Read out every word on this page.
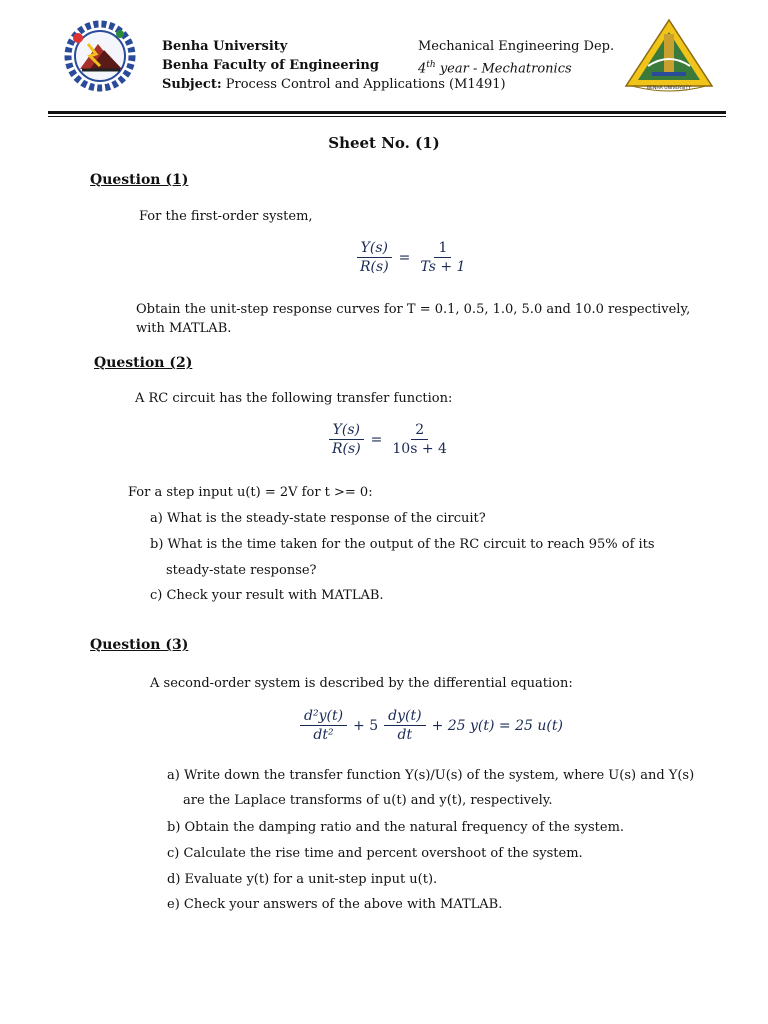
Benha University
Benha Faculty of Engineering
Subject: Process Control and Applications (M1491)
Mechanical Engineering Dep.
4th year - Mechatronics
BENHA UNIVERSITY
Sheet No. (1)
Question (1)
For the first-order system,
$\frac{Y(s)}{R(s)} = \frac{1}{Ts + 1}$
Obtain the unit-step response curves for T = 0.1, 0.5, 1.0, 5.0 and 10.0 respectively,
with MATLAB.
Question (2)
A RC circuit has the following transfer function:
$\frac{Y(s)}{R(s)} = \frac{2}{10s + 4}$
For a step input u(t) = 2V for t >= 0:
a) What is the steady-state response of the circuit?
b) What is the time taken for the output of the RC circuit to reach 95% of its
steady-state response?
c) Check your result with MATLAB.
Question (3)
A second-order system is described by the differential equation:
$\frac{\text{d²y(t)}}{\text{dt²}} + 5 \frac{dy(t)}{dt} + 25$ y(t) = 25 u(t)
a) Write down the transfer function Y(s)/U(s) of the system, where U(s) and Y(s)
are the Laplace transforms of u(t) and y(t), respectively.
b) Obtain the damping ratio and the natural frequency of the system.
c) Calculate the rise time and percent overshoot of the system.
d) Evaluate y(t) for a unit-step input u(t).
e) Check your answers of the above with MATLAB.
